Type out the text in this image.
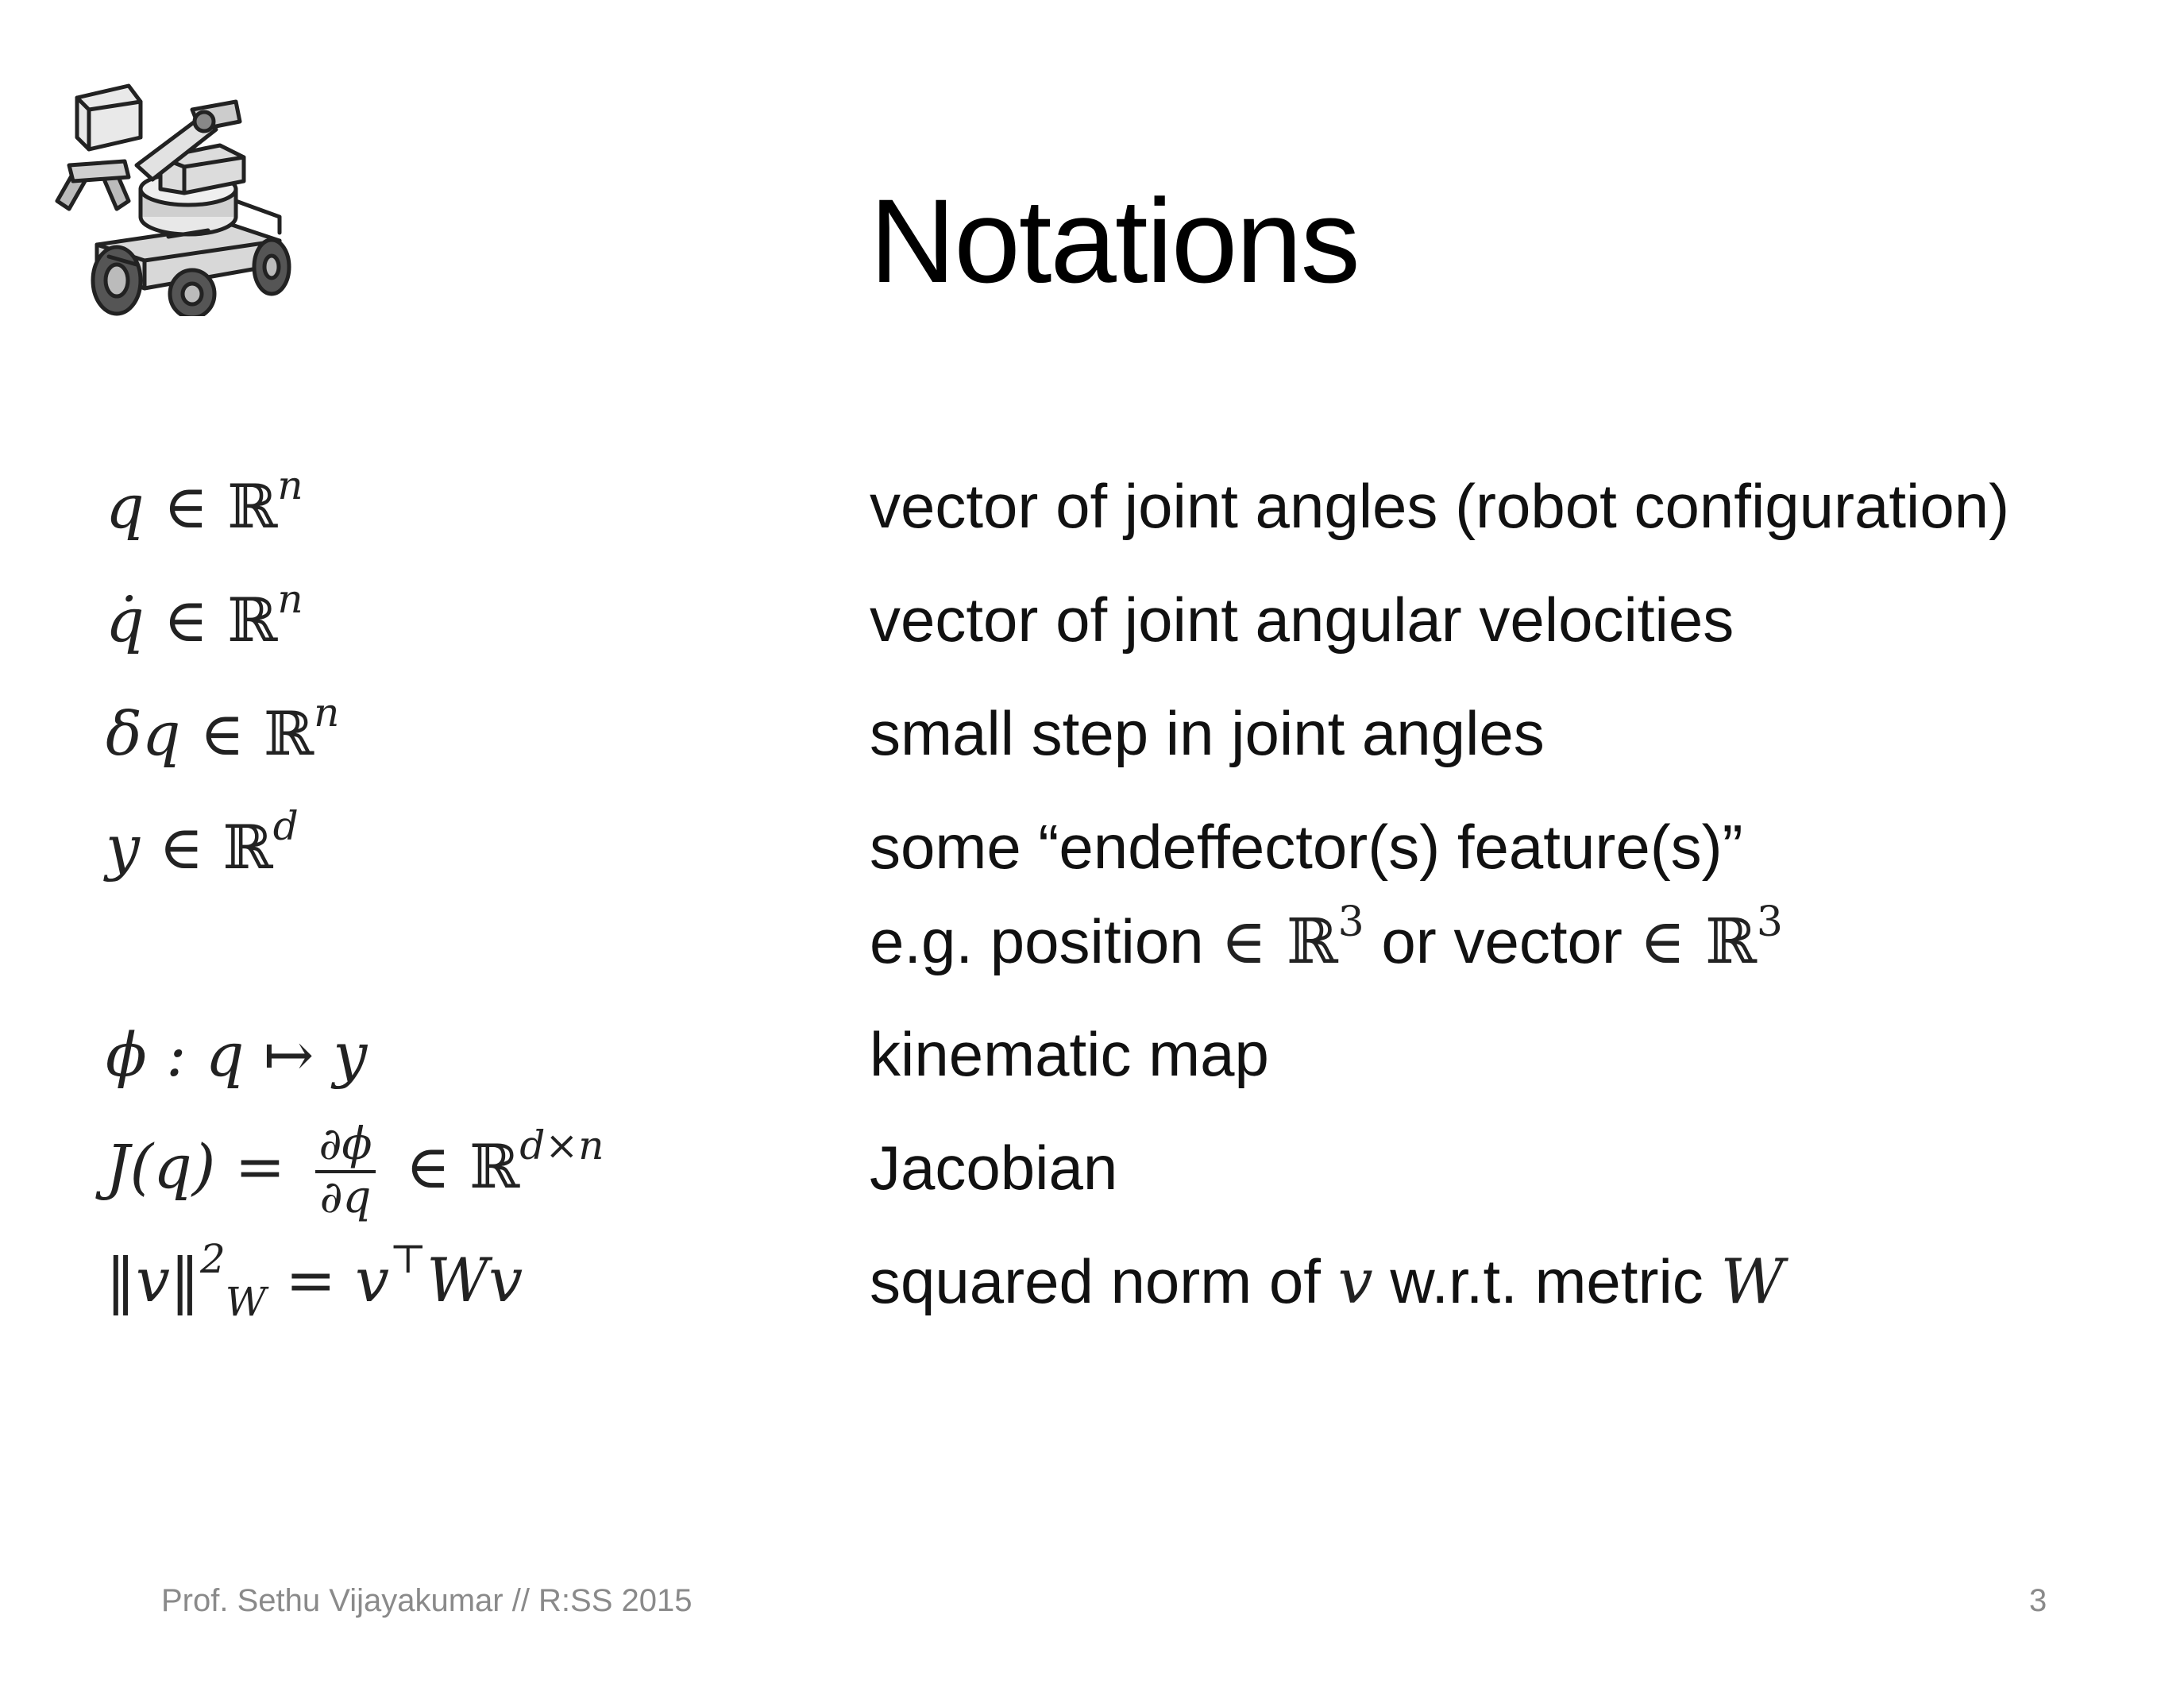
Notations
q ∈ ℝ$^n$	vector of joint angles (robot configuration)
q̇ ∈ ℝ$^n$	vector of joint angular velocities
δq ∈ ℝ$^n$	small step in joint angles
y ∈ ℝ$^d$	some “endeffector(s) feature(s)”
e.g. position ∈ ℝ$^3$ or vector ∈ ℝ$^3$
ϕ : q ↦ y	kinematic map
$J(q) = \frac{\partial\phi}{\partial q}$ ∈ ℝ$^{d\times n}$	Jacobian
‖v‖$^2_W$ = v⊤Wv	squared norm of v w.r.t. metric W
Prof. Sethu Vijayakumar // R:SS 2015	3
